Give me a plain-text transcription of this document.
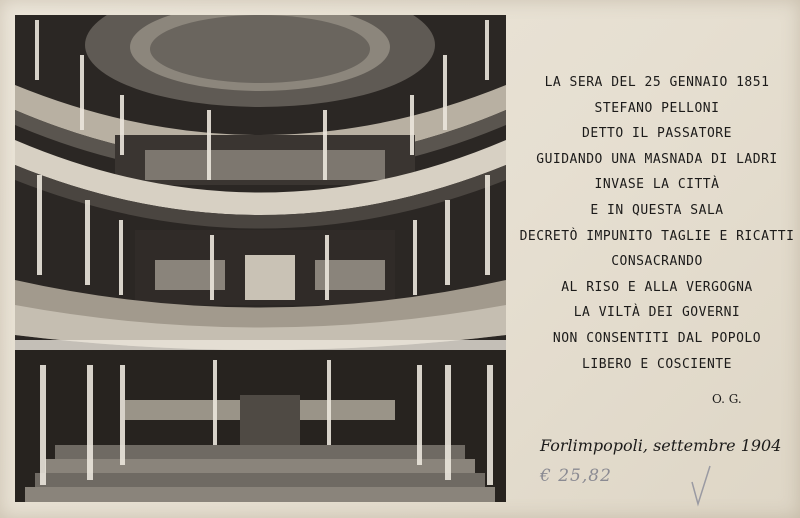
LA SERA DEL 25 GENNAIO 1851
STEFANO PELLONI
DETTO IL PASSATORE
GUIDANDO UNA MASNADA DI LADRI
INVASE LA CITTÀ
E IN QUESTA SALA
DECRETÒ IMPUNITO TAGLIE E RICATTI
CONSACRANDO
AL RISO E ALLA VERGOGNA
LA VILTÀ DEI GOVERNI
NON CONSENTITI DAL POPOLO
LIBERO E COSCIENTE
O. G.
Forlimpopoli, settembre 1904
€ 25,82
